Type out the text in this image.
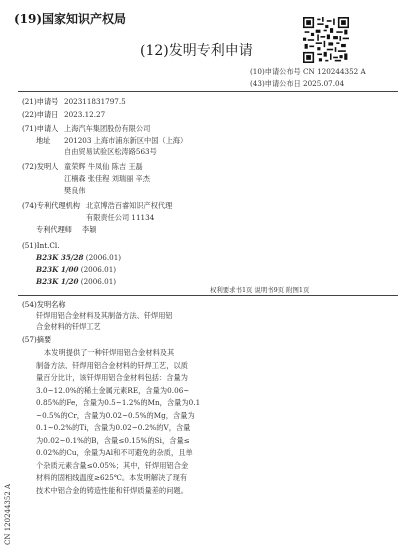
(19)国家知识产权局
(12)发明专利申请
(10)申请公布号 CN 120244352 A
(43)申请公布日 2025.07.04
(21)申请号 202311831797.5
(22)申请日 2023.12.27
(71)申请人 上海汽车集团股份有限公司
地址 201203 上海市浦东新区中国（上海）
自由贸易试验区松涛路563号
(72)发明人 童荣辉 牛凤仙 陈吉 王磊
江楠森 张佳程 刘瑞丽 辛杰
樊良伟
(74)专利代理机构 北京博浩百睿知识产权代理
有限责任公司 11134
专利代理师 李颖
(51)Int.Cl.
B23K 35/28 (2006.01)
B23K 1/00 (2006.01)
B23K 1/20 (2006.01)
权利要求书1页 说明书9页 附图1页
(54)发明名称
钎焊用铝合金材料及其制备方法、钎焊用铝
合金材料的钎焊工艺
(57)摘要
本发明提供了一种钎焊用铝合金材料及其
制备方法、钎焊用铝合金材料的钎焊工艺，以质
量百分比计，该钎焊用铝合金材料包括：含量为
3.0~12.0%的稀土金属元素RE，含量为0.06~
0.85%的Fe，含量为0.5~1.2%的Mn，含量为0.1
~0.5%的Cr，含量为0.02~0.5%的Mg，含量为
0.1~0.2%的Ti，含量为0.02~0.2%的V，含量
为0.02~0.1%的B，含量≤0.15%的Si，含量≤
0.02%的Cu，余量为Al和不可避免的杂质，且单
个杂质元素含量≤0.05%；其中，钎焊用铝合金
材料的固相线温度≥625℃。本发明解决了现有
技术中铝合金的铸造性能和钎焊质量差的问题。
CN 120244352 A
